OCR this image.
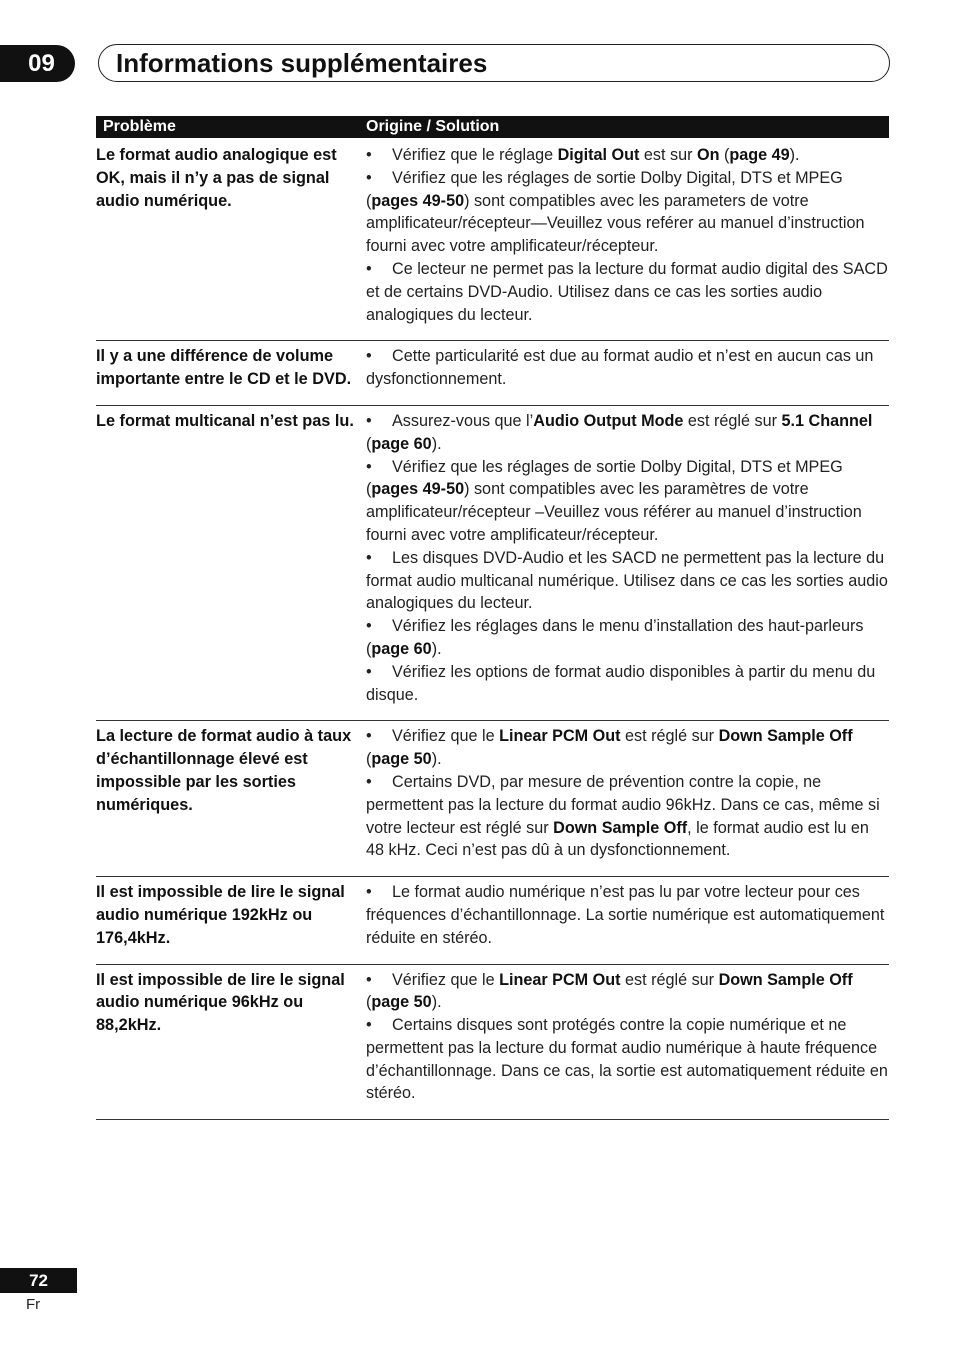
09	Informations supplémentaires
Problème	Origine / Solution
Le format audio analogique est OK, mais il n’y a pas de signal audio numérique.
• Vérifiez que le réglage Digital Out est sur On (page 49).
• Vérifiez que les réglages de sortie Dolby Digital, DTS et MPEG (pages 49-50) sont compatibles avec les parameters de votre amplificateur/récepteur—Veuillez vous reférer au manuel d’instruction fourni avec votre amplificateur/récepteur.
• Ce lecteur ne permet pas la lecture du format audio digital des SACD et de certains DVD-Audio. Utilisez dans ce cas les sorties audio analogiques du lecteur.
Il y a une différence de volume importante entre le CD et le DVD.
• Cette particularité est due au format audio et n’est en aucun cas un dysfonctionnement.
Le format multicanal n’est pas lu. • Assurez-vous que l’Audio Output Mode est réglé sur 5.1 Channel (page 60).
• Vérifiez que les réglages de sortie Dolby Digital, DTS et MPEG (pages 49-50) sont compatibles avec les paramètres de votre amplificateur/récepteur –Veuillez vous référer au manuel d’instruction fourni avec votre amplificateur/récepteur.
• Les disques DVD-Audio et les SACD ne permettent pas la lecture du format audio multicanal numérique. Utilisez dans ce cas les sorties audio analogiques du lecteur.
• Vérifiez les réglages dans le menu d’installation des haut-parleurs (page 60).
• Vérifiez les options de format audio disponibles à partir du menu du disque.
La lecture de format audio à taux d’échantillonnage élevé est impossible par les sorties numériques.
• Vérifiez que le Linear PCM Out est réglé sur Down Sample Off (page 50).
• Certains DVD, par mesure de prévention contre la copie, ne permettent pas la lecture du format audio 96kHz. Dans ce cas, même si votre lecteur est réglé sur Down Sample Off, le format audio est lu en 48 kHz. Ceci n’est pas dû à un dysfonctionnement.
Il est impossible de lire le signal audio numérique 192kHz ou 176,4kHz.
• Le format audio numérique n’est pas lu par votre lecteur pour ces fréquences d’échantillonnage. La sortie numérique est automatiquement réduite en stéréo.
Il est impossible de lire le signal audio numérique 96kHz ou 88,2kHz.
• Vérifiez que le Linear PCM Out est réglé sur Down Sample Off (page 50).
• Certains disques sont protégés contre la copie numérique et ne permettent pas la lecture du format audio numérique à haute fréquence d’échantillonnage. Dans ce cas, la sortie est automatiquement réduite en stéréo.
72
Fr
